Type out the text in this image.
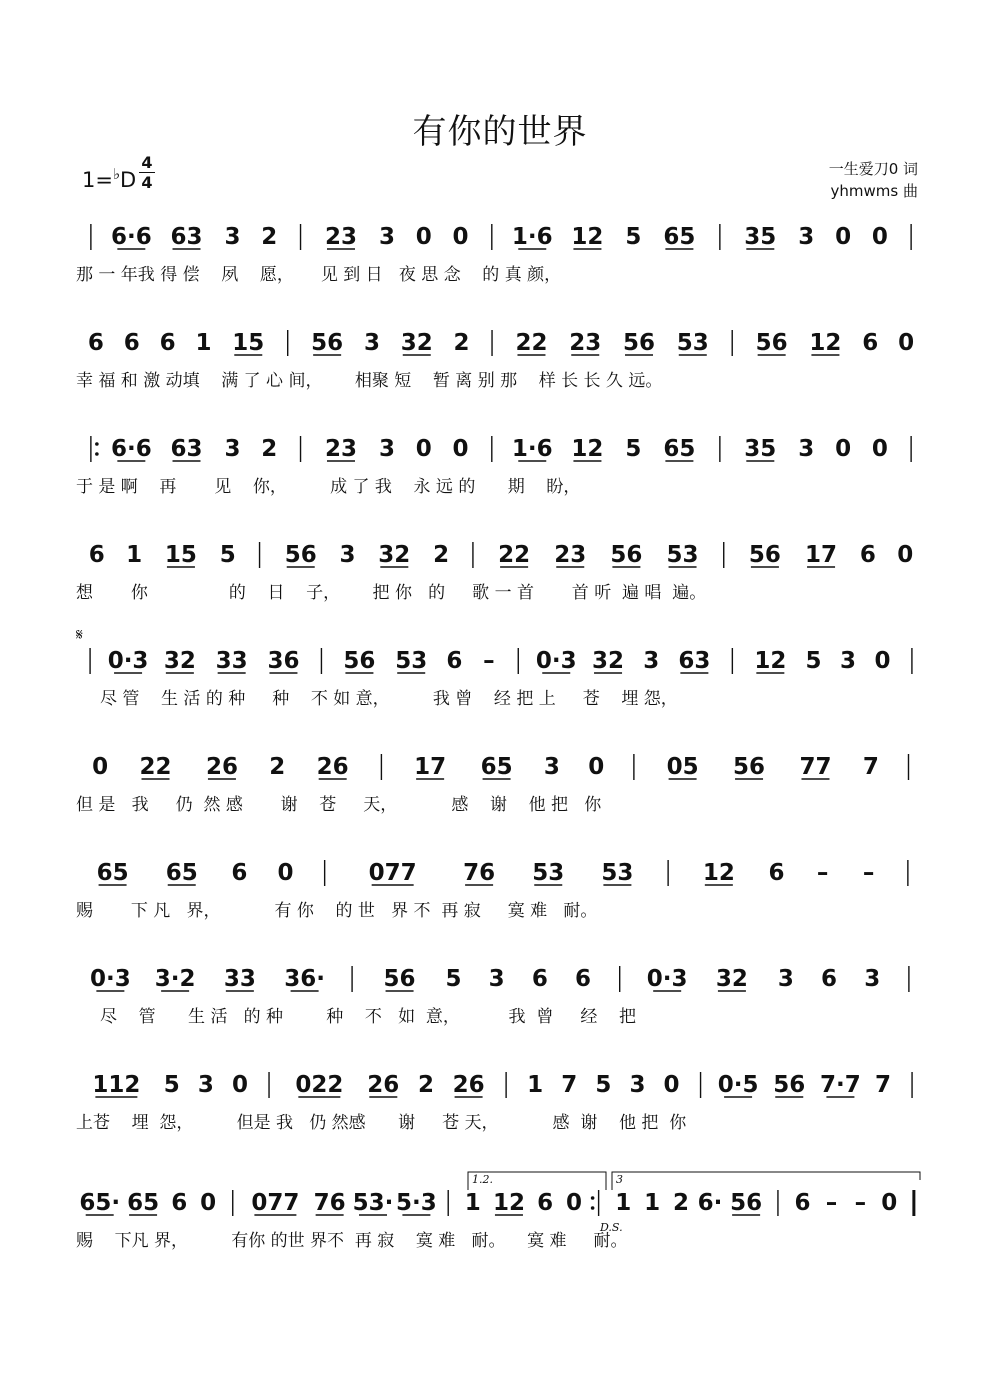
有你的世界
1=♭D
4
4
一生爱刀0 词
yhmwms 曲
6·6 63 3 2 23 3 0 0 1·6 12 5 65 35 3 0 0
那 一 年我 得 偿    夙    愿，     见 到 日   夜 思 念    的 真 颜，
6 6 6 1 15 56 3 32 2 22 23 56 53 56 12 6 0
幸 福 和 激 动填    满 了 心 间，      相聚 短    暂 离 别 那    样 长 长 久 远。
6·6 63 3 2 23 3 0 0 1·6 12 5 65 35 3 0 0
于 是 啊    再       见    你，        成 了 我    永 远 的      期    盼，
6 1 15 5 56 3 32 2 22 23 56 53 56 17 6 0
想       你               的    日    子，      把 你   的     歌 一 首       首 听  遍 唱  遍。
0·3 32 33 36 56 53 6 – 0·3 32 3 63 12 5 3 0
𝄋
尽 管    生 活 的 种     种    不 如 意，        我 曾    经 把 上     苍    埋 怨，
0 22 26 2 26	17 65 3 0	05 56 77 7
但 是   我     仍  然 感       谢    苍     天，          感    谢    他 把   你
65 65 6 0	077 76 53 53	12 6 – –
赐       下 凡   界，          有 你    的 世   界 不  再 寂     寞 难   耐。
0·3 3·2 33 36·	56 5 3 6 6 0·3 32 3 6 3
尽    管      生 活   的 种        种    不   如  意，         我  曾     经    把
112 5 3 0 022 26 2 26 1 7 5 3 0 0·5 56 7·7 7
上苍    埋  怨，        但是 我   仍 然感      谢     苍 天，          感  谢    他 把  你
65· 65 6 0 077 76 53· 5·3 1 12 6 0 1 1 2 6· 56 6 – – 0
1.2.	3
D.S.
赐    下凡 界，        有你 的世 界不  再 寂    寞 难   耐。    寞 难     耐。
